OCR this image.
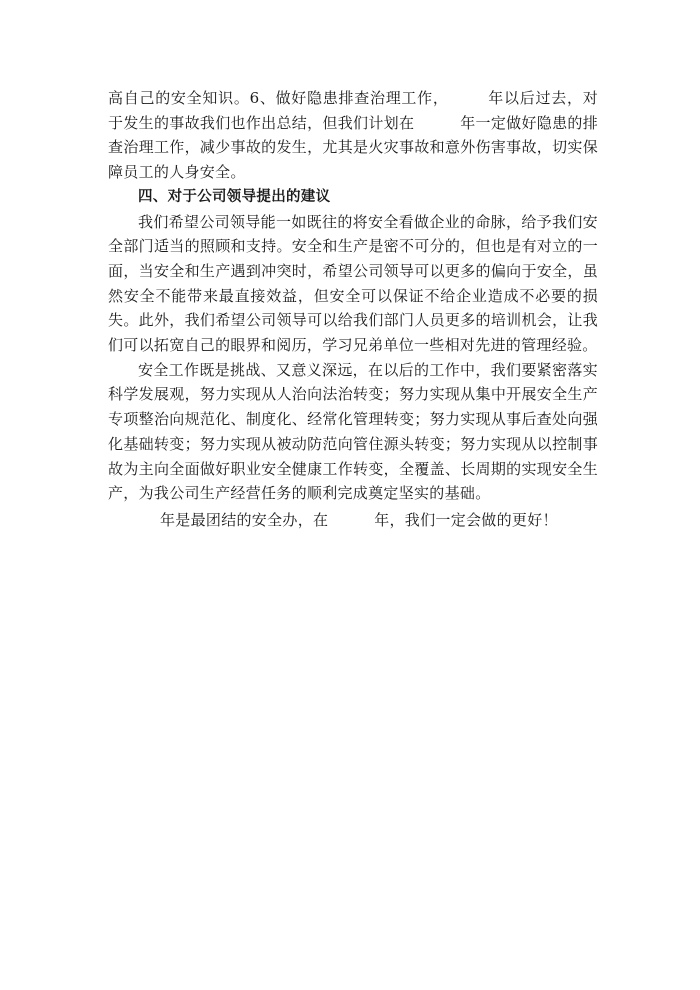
高自己的安全知识。6、做好隐患排查治理工作，　　　年以后过去，对于发生的事故我们也作出总结，但我们计划在　　　年一定做好隐患的排查治理工作，减少事故的发生，尤其是火灾事故和意外伤害事故，切实保障员工的人身安全。

四、对于公司领导提出的建议

我们希望公司领导能一如既往的将安全看做企业的命脉，给予我们安全部门适当的照顾和支持。安全和生产是密不可分的，但也是有对立的一面，当安全和生产遇到冲突时，希望公司领导可以更多的偏向于安全，虽然安全不能带来最直接效益，但安全可以保证不给企业造成不必要的损失。此外，我们希望公司领导可以给我们部门人员更多的培训机会，让我们可以拓宽自己的眼界和阅历，学习兄弟单位一些相对先进的管理经验。

安全工作既是挑战、又意义深远，在以后的工作中，我们要紧密落实科学发展观，努力实现从人治向法治转变；努力实现从集中开展安全生产专项整治向规范化、制度化、经常化管理转变；努力实现从事后查处向强化基础转变；努力实现从被动防范向管住源头转变；努力实现从以控制事故为主向全面做好职业安全健康工作转变，全覆盖、长周期的实现安全生产，为我公司生产经营任务的顺利完成奠定坚实的基础。

年是最团结的安全办，在　　　年，我们一定会做的更好！
